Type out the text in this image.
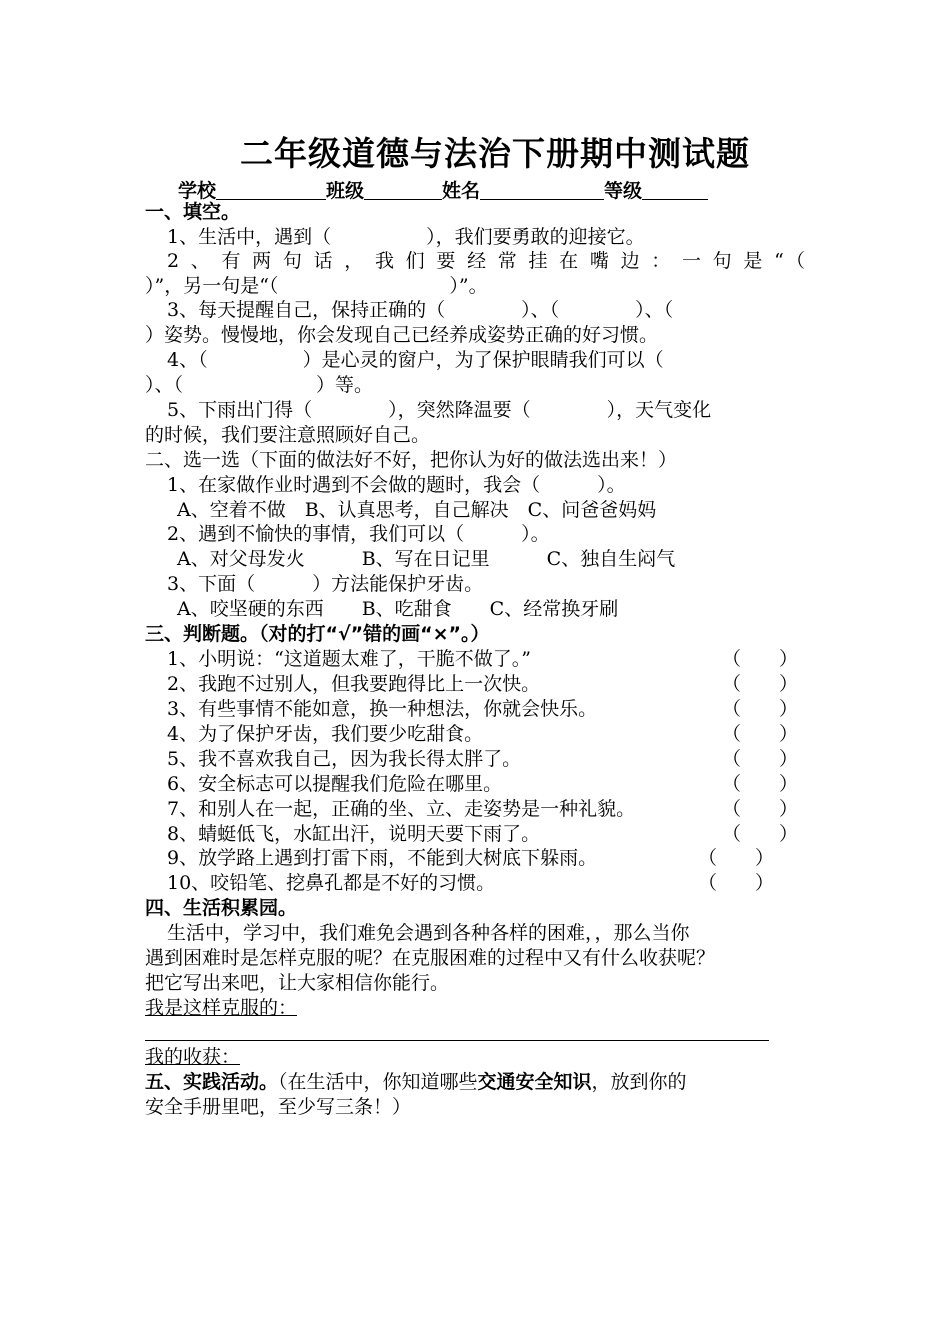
二年级道德与法治下册期中测试题
学校	班级	姓名	等级
一、填空。
1、生活中，遇到（　　　　　），我们要勇敢的迎接它。
2、有两句话，我们要经常挂在嘴边：一句是“（
）”，另一句是“（　　　　　　　　　）”。
3、每天提醒自己，保持正确的（　　　　）、（　　　　）、（
）姿势。慢慢地，你会发现自己已经养成姿势正确的好习惯。
4、（　　　　　）是心灵的窗户，为了保护眼睛我们可以（
）、（　　　　　　　）等。
5、下雨出门得（　　　　），突然降温要（　　　　），天气变化
的时候，我们要注意照顾好自己。
二、选一选（下面的做法好不好，把你认为好的做法选出来！）
1、在家做作业时遇到不会做的题时，我会（　　　）。
A、空着不做　B、认真思考，自己解决　C、问爸爸妈妈
2、遇到不愉快的事情，我们可以（　　　）。
A、对父母发火　　　B、写在日记里　　　C、独自生闷气
3、下面（　　　）方法能保护牙齿。
A、咬坚硬的东西　　B、吃甜食　　C、经常换牙刷
三、判断题。（对的打“√”错的画“×”。）
1、小明说：“这道题太难了，干脆不做了。”	（　　）
2、我跑不过别人，但我要跑得比上一次快。	（　　）
3、有些事情不能如意，换一种想法，你就会快乐。	（　　）
4、为了保护牙齿，我们要少吃甜食。	（　　）
5、我不喜欢我自己，因为我长得太胖了。	（　　）
6、安全标志可以提醒我们危险在哪里。	（　　）
7、和别人在一起，正确的坐、立、走姿势是一种礼貌。	（　　）
8、蜻蜓低飞，水缸出汗，说明天要下雨了。	（　　）
9、放学路上遇到打雷下雨，不能到大树底下躲雨。	（　　）
10、咬铅笔、挖鼻孔都是不好的习惯。	（　　）
四、生活积累园。
生活中，学习中，我们难免会遇到各种各样的困难，，那么当你
遇到困难时是怎样克服的呢？在克服困难的过程中又有什么收获呢？
把它写出来吧，让大家相信你能行。
我是这样克服的：
我的收获：
五、实践活动。（在生活中，你知道哪些交通安全知识，放到你的
安全手册里吧，至少写三条！）
